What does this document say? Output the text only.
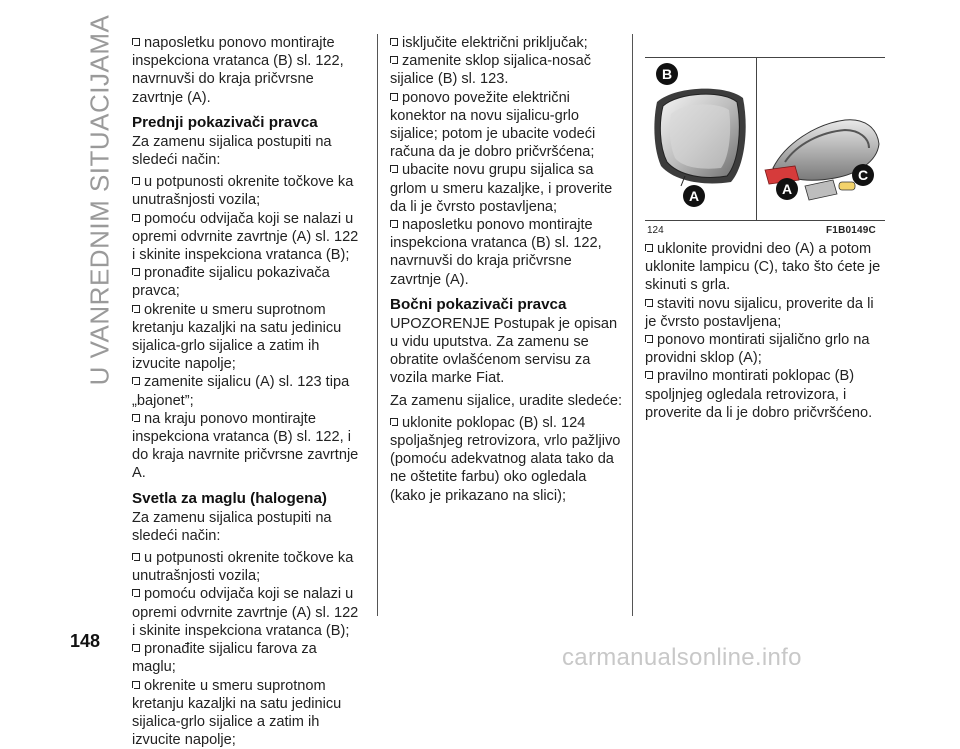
U VANREDNIM SITUACIJAMA	naposletku ponovo montirajte inspekciona vratanca (B) sl. 122, navrnuvši do kraja pričvrsne zavrtnje (A).

Prednji pokazivači pravca

Za zamenu sijalica postupiti na sledeći način:

u potpunosti okrenite točkove ka unutrašnjosti vozila;

pomoću odvijača koji se nalazi u opremi odvrnite zavrtnje (A) sl. 122 i skinite inspekciona vratanca (B);

pronađite sijalicu pokazivača pravca;

okrenite u smeru suprotnom kretanju kazaljki na satu jedinicu sijalica-grlo sijalice a zatim ih izvucite napolje;

zamenite sijalicu (A) sl. 123 tipa „bajonet”;

na kraju ponovo montirajte inspekciona vratanca (B) sl. 122, i do kraja navrnite pričvrsne zavrtnje A.

Svetla za maglu (halogena)

Za zamenu sijalica postupiti na sledeći način:

u potpunosti okrenite točkove ka unutrašnjosti vozila;

pomoću odvijača koji se nalazi u opremi odvrnite zavrtnje (A) sl. 122 i skinite inspekciona vratanca (B);

pronađite sijalicu farova za maglu;

okrenite u smeru suprotnom kretanju kazaljki na satu jedinicu sijalica-grlo sijalice a zatim ih izvucite napolje;

isključite električni priključak;

zamenite sklop sijalica-nosač sijalice (B) sl. 123.

ponovo povežite električni konektor na novu sijalicu-grlo sijalice; potom je ubacite vodeći računa da je dobro pričvršćena;

ubacite novu grupu sijalica sa grlom u smeru kazaljke, i proverite da li je čvrsto postavljena;

naposletku ponovo montirajte inspekciona vratanca (B) sl. 122, navrnuvši do kraja pričvrsne zavrtnje (A).

Bočni pokazivači pravca

UPOZORENJE Postupak je opisan u vidu uputstva. Za zamenu se obratite ovlašćenom servisu za vozila marke Fiat.

Za zamenu sijalice, uradite sledeće:

uklonite poklopac (B) sl. 124 spoljašnjeg retrovizora, vrlo pažljivo (pomoću adekvatnog alata tako da ne oštetite farbu) oko ogledala (kako je prikazano na slici);

B
A	A
C
124	F1B0149C

uklonite providni deo (A) a potom uklonite lampicu (C), tako što ćete je skinuti s grla.

staviti novu sijalicu, proverite da li je čvrsto postavljena;

ponovo montirati sijalično grlo na providni sklop (A);

pravilno montirati poklopac (B) spoljnjeg ogledala retrovizora, i proverite da li je dobro pričvršćeno.

148
carmanualsonline.info
